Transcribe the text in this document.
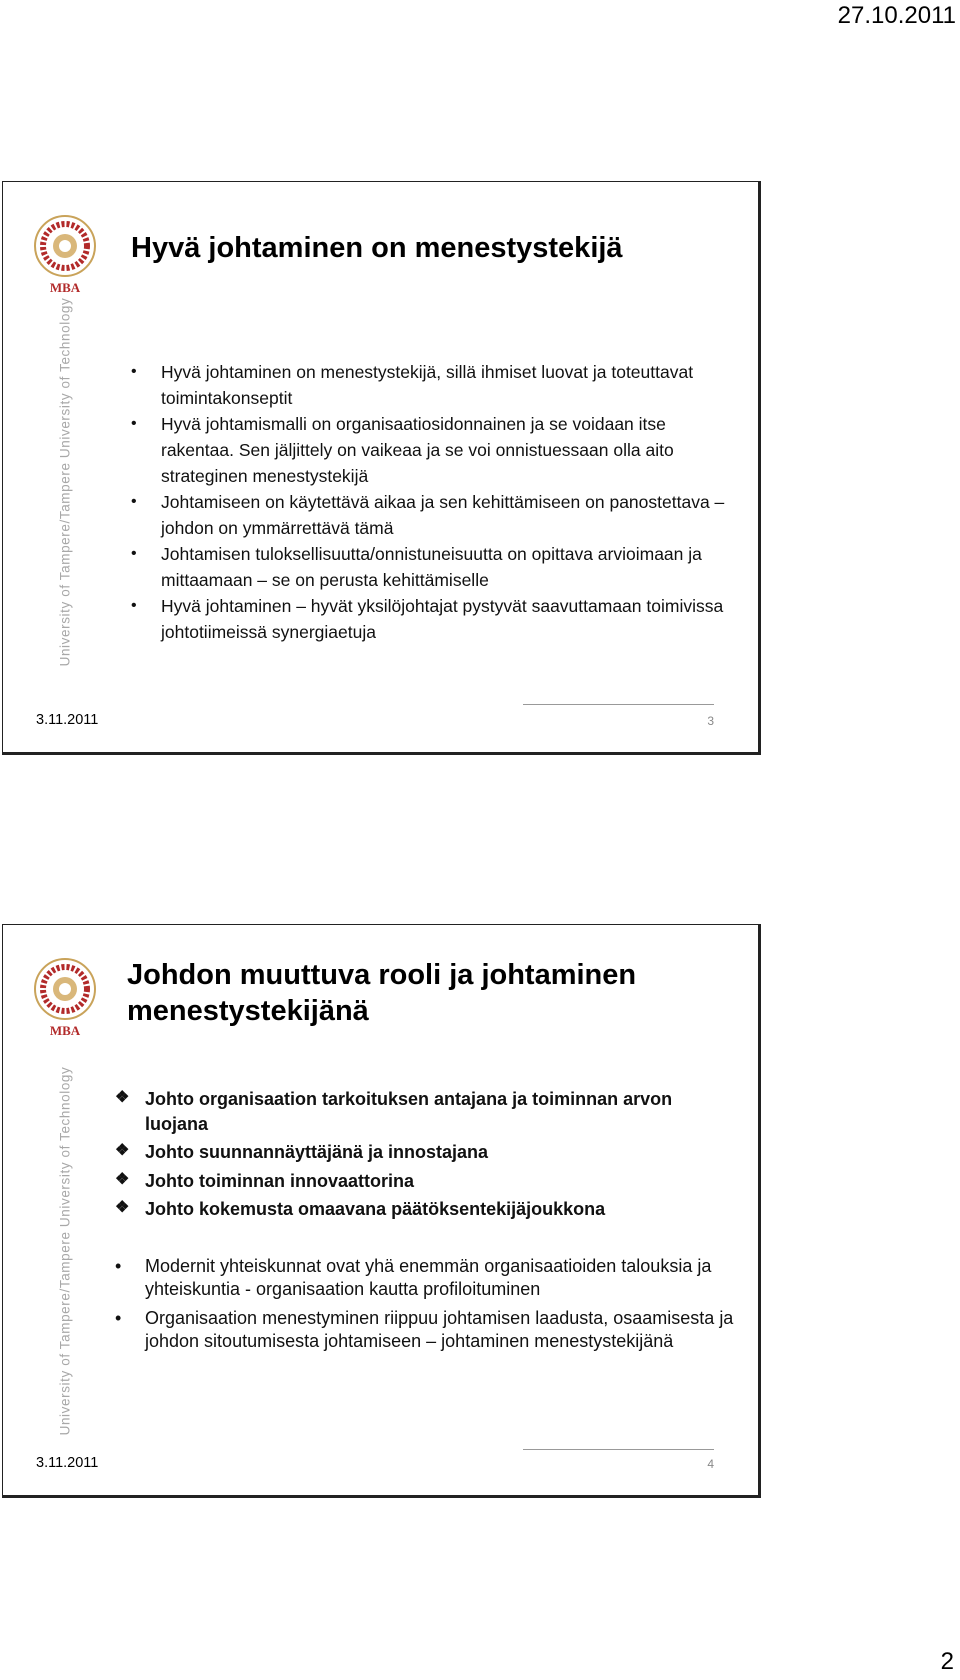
27.10.2011
MBA
University of Tampere/Tampere University of Technology
Hyvä johtaminen on menestystekijä
• Hyvä johtaminen on menestystekijä, sillä ihmiset luovat ja toteuttavat toimintakonseptit
• Hyvä johtamismalli on organisaatiosidonnainen ja se voidaan itse rakentaa. Sen jäljittely on vaikeaa ja se voi onnistuessaan olla aito strateginen menestystekijä
• Johtamiseen on käytettävä aikaa ja sen kehittämiseen on panostettava – johdon on ymmärrettävä tämä
• Johtamisen tuloksellisuutta/onnistuneisuutta on opittava arvioimaan ja mittaamaan – se on perusta kehittämiselle
• Hyvä johtaminen – hyvät yksilöjohtajat pystyvät saavuttamaan toimivissa johtotiimeissä synergiaetuja
3.11.2011	3
MBA
University of Tampere/Tampere University of Technology
Johdon muuttuva rooli ja johtaminen menestystekijänä
❖ Johto organisaation tarkoituksen antajana ja toiminnan arvon luojana
❖ Johto suunnannäyttäjänä ja innostajana
❖ Johto toiminnan innovaattorina
❖ Johto kokemusta omaavana päätöksentekijäjoukkona
• Modernit yhteiskunnat ovat yhä enemmän organisaatioiden talouksia ja yhteiskuntia - organisaation kautta profiloituminen
• Organisaation menestyminen riippuu johtamisen laadusta, osaamisesta ja johdon sitoutumisesta johtamiseen – johtaminen menestystekijänä
3.11.2011	4
2
